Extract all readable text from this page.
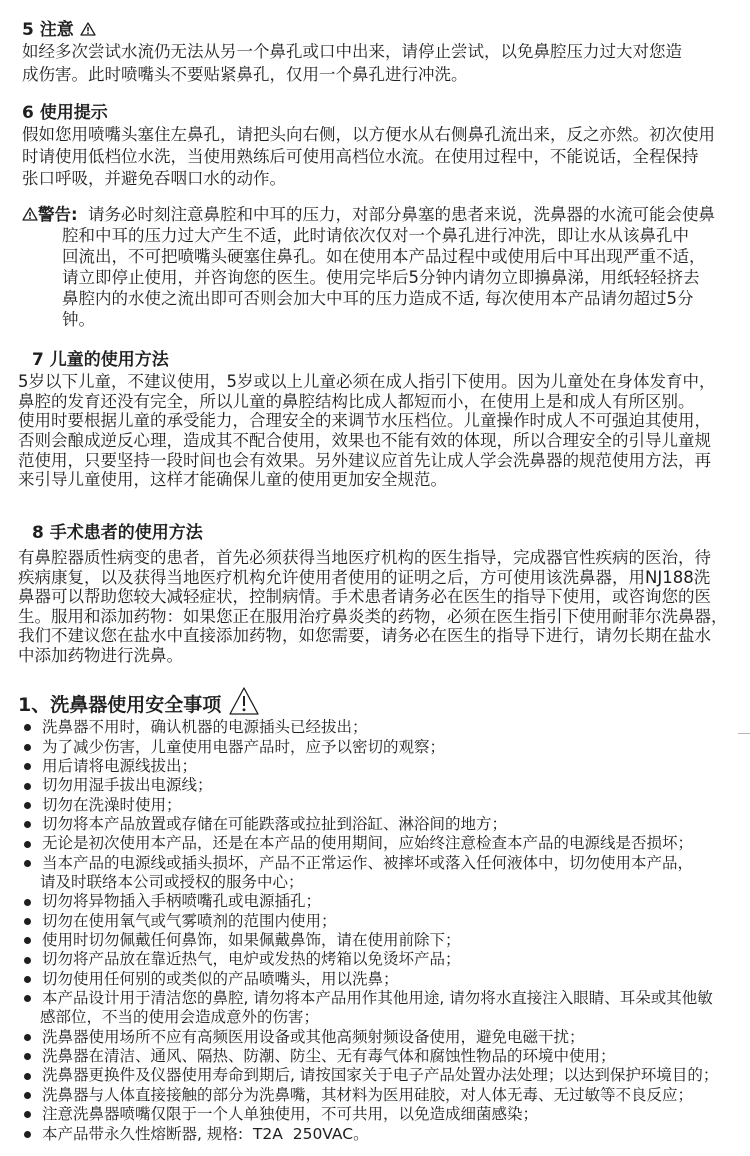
5 注意
如经多次尝试水流仍无法从另一个鼻孔或口中出来，请停止尝试，以免鼻腔压力过大对您造
成伤害。此时喷嘴头不要贴紧鼻孔，仅用一个鼻孔进行冲洗。
6 使用提示
假如您用喷嘴头塞住左鼻孔，请把头向右侧，以方便水从右侧鼻孔流出来，反之亦然。初次使用
时请使用低档位水洗，当使用熟练后可使用高档位水流。在使用过程中，不能说话，全程保持
张口呼吸，并避免吞咽口水的动作。
警告: 请务必时刻注意鼻腔和中耳的压力，对部分鼻塞的患者来说，洗鼻器的水流可能会使鼻
腔和中耳的压力过大产生不适，此时请依次仅对一个鼻孔进行冲洗，即让水从该鼻孔中
回流出，不可把喷嘴头硬塞住鼻孔。如在使用本产品过程中或使用后中耳出现严重不适，
请立即停止使用，并咨询您的医生。使用完毕后5分钟内请勿立即擤鼻涕，用纸轻轻挤去
鼻腔内的水使之流出即可否则会加大中耳的压力造成不适, 每次使用本产品请勿超过5分
钟。
7 儿童的使用方法
5岁以下儿童，不建议使用，5岁或以上儿童必须在成人指引下使用。因为儿童处在身体发育中，
鼻腔的发育还没有完全，所以儿童的鼻腔结构比成人都短而小，在使用上是和成人有所区别。
使用时要根据儿童的承受能力，合理安全的来调节水压档位。儿童操作时成人不可强迫其使用，
否则会酿成逆反心理，造成其不配合使用，效果也不能有效的体现，所以合理安全的引导儿童规
范使用，只要坚持一段时间也会有效果。另外建议应首先让成人学会洗鼻器的规范使用方法，再
来引导儿童使用，这样才能确保儿童的使用更加安全规范。
8 手术患者的使用方法
有鼻腔器质性病变的患者，首先必须获得当地医疗机构的医生指导，完成器官性疾病的医治，待
疾病康复，以及获得当地医疗机构允许使用者使用的证明之后，方可使用该洗鼻器，用NJ188洗
鼻器可以帮助您较大减轻症状，控制病情。手术患者请务必在医生的指导下使用，或咨询您的医
生。服用和添加药物：如果您正在服用治疗鼻炎类的药物，必须在医生指引下使用耐菲尔洗鼻器，
我们不建议您在盐水中直接添加药物，如您需要，请务必在医生的指导下进行，请勿长期在盐水
中添加药物进行洗鼻。
1、洗鼻器使用安全事项
洗鼻器不用时，确认机器的电源插头已经拔出；
为了减少伤害，儿童使用电器产品时，应予以密切的观察；
用后请将电源线拔出；
切勿用湿手拔出电源线；
切勿在洗澡时使用；
切勿将本产品放置或存储在可能跌落或拉扯到浴缸、淋浴间的地方；
无论是初次使用本产品，还是在本产品的使用期间，应始终注意检查本产品的电源线是否损坏；
当本产品的电源线或插头损坏，产品不正常运作、被摔坏或落入任何液体中，切勿使用本产品，
请及时联络本公司或授权的服务中心；
切勿将异物插入手柄喷嘴孔或电源插孔；
切勿在使用氧气或气雾喷剂的范围内使用；
使用时切勿佩戴任何鼻饰，如果佩戴鼻饰，请在使用前除下；
切勿将产品放在靠近热气，电炉或发热的烤箱以免烫坏产品；
切勿使用任何别的或类似的产品喷嘴头，用以洗鼻；
本产品设计用于清洁您的鼻腔, 请勿将本产品用作其他用途, 请勿将水直接注入眼睛、耳朵或其他敏
感部位，不当的使用会造成意外的伤害；
洗鼻器使用场所不应有高频医用设备或其他高频射频设备使用，避免电磁干扰；
洗鼻器在清洁、通风、隔热、防潮、防尘、无有毒气体和腐蚀性物品的环境中使用；
洗鼻器更换件及仪器使用寿命到期后, 请按国家关于电子产品处置办法处理；以达到保护环境目的；
洗鼻器与人体直接接触的部分为洗鼻嘴，其材料为医用硅胶，对人体无毒、无过敏等不良反应；
注意洗鼻器喷嘴仅限于一个人单独使用，不可共用，以免造成细菌感染；
本产品带永久性熔断器, 规格:  T2A  250VAC。
